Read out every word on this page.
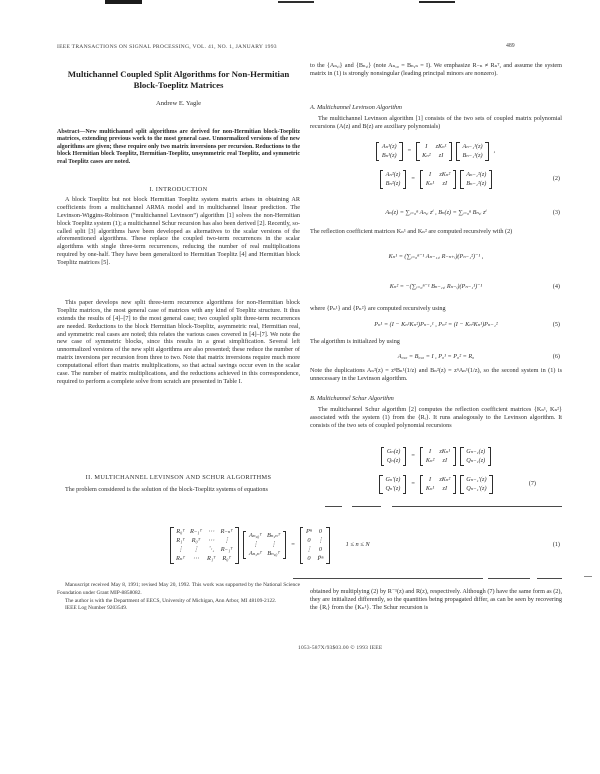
IEEE TRANSACTIONS ON SIGNAL PROCESSING, VOL. 41, NO. 1, JANUARY 1993	489
Multichannel Coupled Split Algorithms for Non-Hermitian Block-Toeplitz Matrices
Andrew E. Yagle
Abstract—New multichannel split algorithms are derived for non-Hermitian block-Toeplitz matrices, extending previous work to the most general case. Unnormalized versions of the new algorithms are given; these require only two matrix inversions per recursion. Reductions to the block Hermitian block Toeplitz, Hermitian-Toeplitz, unsymmetric real Toeplitz, and symmetric real Toeplitz cases are noted.
I. INTRODUCTION
A block Toeplitz but not block Hermitian Toeplitz system matrix arises in obtaining AR coefficients from a multichannel ARMA model and in multichannel linear prediction. The Levinson-Wiggins-Robinson (“multichannel Levinson”) algorithm [1] solves the non-Hermitian block Toeplitz system (1); a multichannel Schur recursion has also been derived [2]. Recently, so-called split [3] algorithms have been developed as alternatives to the scalar versions of the aforementioned algorithms. These replace the coupled two-term recurrences in the scalar algorithms with single three-term recurrences, reducing the number of real multiplications required by one-half. They have been generalized to Hermitian Toeplitz [4] and Hermitian block Toeplitz matrices [5].
This paper develops new split three-term recurrence algorithms for non-Hermitian block Toeplitz matrices, the most general case of matrices with any kind of Toeplitz structure. It thus extends the results of [4]–[7] to the most general case; two coupled split three-term recurrences are needed. Reductions to the block Hermitian block-Toeplitz, asymmetric real, Hermitian real, and symmetric real cases are noted; this relates the various cases covered in [4]–[7]. We note the new case of symmetric blocks, since this results in a great simplification. Several left unnormalized versions of the new split algorithms are also presented; these reduce the number of matrix inversions per recursion from three to two. Note that matrix inversions require much more computational effort than matrix multiplications, so that actual savings occur even in the scalar case. The number of matrix multiplications, and the reductions achieved in this correspondence, required to perform a complete solve from scratch are presented in Table I.
II. MULTICHANNEL LEVINSON AND SCHUR ALGORITHMS
The problem considered is the solution of the block-Toeplitz systems of equations
Manuscript received May 8, 1991; revised May 20, 1992. This work was supported by the National Science Foundation under Grant MIP-8858082.
The author is with the Department of EECS, University of Michigan, Ann Arbor, MI 48109-2122.
IEEE Log Number 9203549.
to the {Aₙ,ᵢ} and {Bₙ,ᵢ} (note Aₙ,₀ = Bₙ,ₙ = I). We emphasize R₋ₙ ≠ Rₙᵀ, and assume the system matrix in (1) is strongly nonsingular (leading principal minors are nonzero).
A. Multichannel Levinson Algorithm
The multichannel Levinson algorithm [1] consists of the two sets of coupled matrix polynomial recursions (A(z) and B(z) are auxiliary polynomials)
Aₙ¹(z)
Bₙ¹(z)
=
I	zKₙ¹
Kₙ²	zI
Aₙ₋₁¹(z)
Bₙ₋₁¹(z)
,
Aₙ²(z)
Bₙ²(z)
=
I	zKₙ²
Kₙ¹	zI
Aₙ₋₁²(z)
Bₙ₋₁²(z)
(2)
Aₙ(z) = ∑ᵢ₌₀ⁿ Aₙ,ᵢ zⁱ , Bₙ(z) = ∑ᵢ₌₀ⁿ Bₙ,ᵢ zⁱ	(3)
The reflection coefficient matrices Kₙ¹ and Kₙ² are computed recursively with (2)
Kₙ¹ = (∑ᵢ₌₀ⁿ⁻¹ Aₙ₋₁,ᵢ R₋ₙ₊ᵢ)(Pₙ₋₁²)⁻¹ ,
Kₙ² = −(∑ᵢ₌₀ⁿ⁻¹ Bₙ₋₁,ᵢ Rₙ₋ᵢ)(Pₙ₋₁¹)⁻¹	(4)
where {Pₙ¹} and {Pₙ²} are computed recursively using
Pₙ¹ = (I − Kₙ¹Kₙ²)Pₙ₋₁¹ , Pₙ² = (I − Kₙ²Kₙ¹)Pₙ₋₁²	(5)
The algorithm is initialized by using
A₀,₀ = B₀,₀ = I , P₀¹ = P₀² = R₀	(6)
Note the duplications Aₙ²(z) = zⁿBₙ¹(1/z) and Bₙ²(z) = zⁿAₙ¹(1/z), so the second system in (1) is unnecessary in the Levinson algorithm.
B. Multichannel Schur Algorithm
The multichannel Schur algorithm [2] computes the reflection coefficient matrices {Kₙ¹, Kₙ²} associated with the system (1) from the {Rᵢ}. It runs analogously to the Levinson algorithm. It consists of the two sets of coupled polynomial recursions
Gₙ(z)
Qₙ(z)
=
I	zKₙ¹
Kₙ²	zI
Gₙ₋₁(z)
Qₙ₋₁(z)
Gₙ′(z)
Qₙ′(z)
=
I	zKₙ²
Kₙ¹	zI
Gₙ₋₁′(z)
Qₙ₋₁′(z)
(7)
R₀ᵀ R₋₁ᵀ ⋯ R₋ₙᵀ
R₁ᵀ R₀ᵀ ⋯	⋮
⋮	⋮	⋱ R₋₁ᵀ
Rₙᵀ	⋯	R₁ᵀ R₀ᵀ
Aₙ,₀ᵀ Bₙ,ₙᵀ
⋮	⋮
Aₙ,ₙᵀ Bₙ,₀ᵀ
=
Pⁿ 0
0 ⋮
⋮ 0
0 P̄ⁿ
1 ≤ n ≤ N	(1)
obtained by multiplying (2) by R⁻¹(z) and R(z), respectively. Although (7) have the same form as (2), they are initialized differently, so the quantities being propagated differ, as can be seen by recovering the {Rᵢ} from the {Kₙ¹}. The Schur recursion is
1053-587X/93$03.00 © 1993 IEEE
